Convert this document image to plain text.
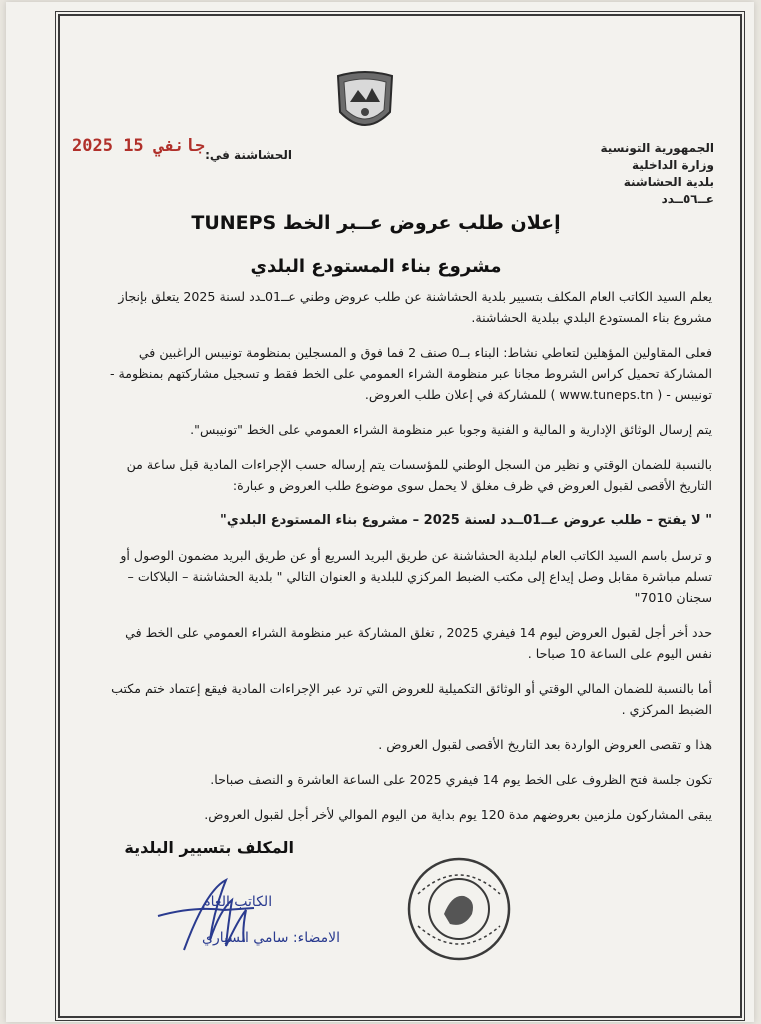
الجمهورية التونسية
وزارة الداخلية
بلدية الحشاشنة
عــ٥٦ــدد
2025 جانفي 15 الحشاشنة في:
إعلان طلب عروض عــبر الخط TUNEPS
مشروع بناء المستودع البلدي

يعلم السيد الكاتب العام المكلف بتسيير بلدية الحشاشنة عن طلب عروض وطني عــ01ـدد لسنة 2025 يتعلق بإنجاز مشروع بناء المستودع البلدي ببلدية الحشاشنة.

فعلى المقاولين المؤهلين لتعاطي نشاط: البناء بــ0 صنف 2 فما فوق و المسجلين بمنظومة تونيبس الراغبين في المشاركة تحميل كراس الشروط مجانا عبر منظومة الشراء العمومي على الخط فقط و تسجيل مشاركتهم بمنظومة - تونيبس - ( www.tuneps.tn ) للمشاركة في إعلان طلب العروض.

يتم إرسال الوثائق الإدارية و المالية و الفنية وجوبا عبر منظومة الشراء العمومي على الخط "تونيبس".

بالنسبة للضمان الوقتي و نظير من السجل الوطني للمؤسسات يتم إرساله حسب الإجراءات المادية قبل ساعة من التاريخ الأقصى لقبول العروض في ظرف مغلق لا يحمل سوى موضوع طلب العروض و عبارة:

" لا يفتح – طلب عروض عــ01ــدد لسنة 2025 – مشروع بناء المستودع البلدي"

و ترسل باسم السيد الكاتب العام لبلدية الحشاشنة عن طريق البريد السريع أو عن طريق البريد مضمون الوصول أو تسلم مباشرة مقابل وصل إيداع إلى مكتب الضبط المركزي للبلدية و العنوان التالي " بلدية الحشاشنة – البلاكات – سجنان 7010"

حدد أخر أجل لقبول العروض ليوم 14 فيفري 2025 , تغلق المشاركة عبر منظومة الشراء العمومي على الخط في نفس اليوم على الساعة 10 صباحا .

أما بالنسبة للضمان المالي الوقتي أو الوثائق التكميلية للعروض التي ترد عبر الإجراءات المادية فيقع إعتماد ختم مكتب الضبط المركزي .

هذا و تقصى العروض الواردة بعد التاريخ الأقصى لقبول العروض .

تكون جلسة فتح الظروف على الخط يوم 14 فيفري 2025 على الساعة العاشرة و النصف صباحا.

يبقى المشاركون ملزمين بعروضهم مدة 120 يوم بداية من اليوم الموالي لأخر أجل لقبول العروض.

المكلف بتسيير البلدية
الكاتب العام
الامضاء: سامي السياري
